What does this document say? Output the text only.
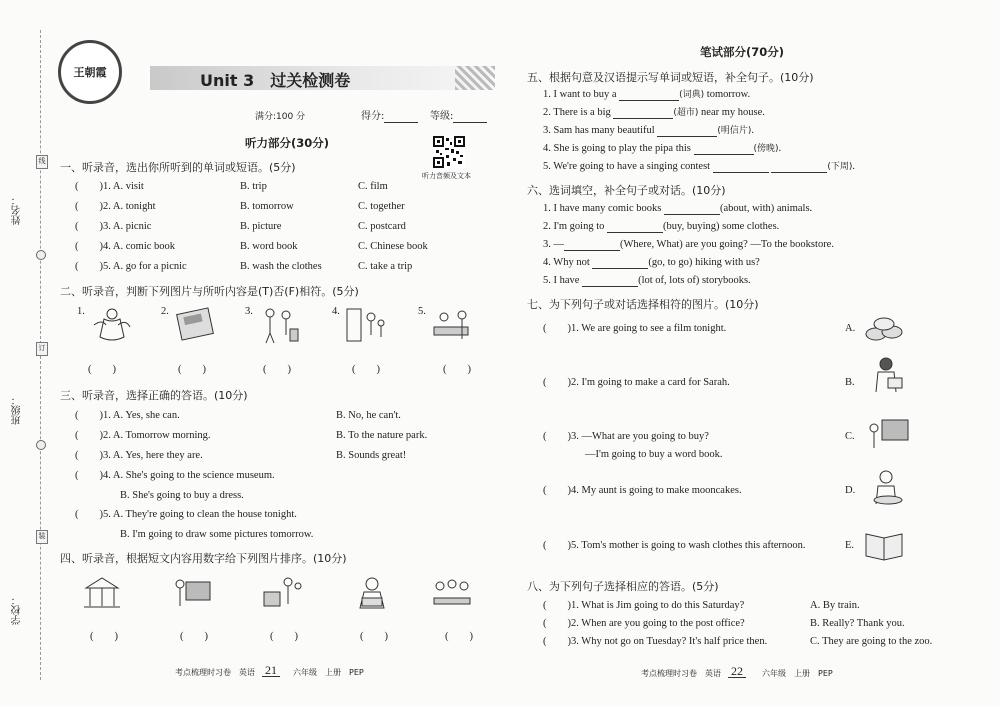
姓名：
班级：
学校：
线
订
装
王朝霞	Unit 3　过关检测卷
满分:100 分	得分:	等级:
听力部分(30分)
听力音频及文本
一、听录音，选出你所听到的单词或短语。(5分)
(　　)1. A. visit	B. trip	C. film
(　　)2. A. tonight	B. tomorrow	C. together
(　　)3. A. picnic	B. picture	C. postcard
(　　)4. A. comic book	B. word book	C. Chinese book
(　　)5. A. go for a picnic	B. wash the clothes	C. take a trip
二、听录音，判断下列图片与所听内容是(T)否(F)相符。(5分)
1.	2.	3.	4.	5.
(　　)	(　　)	(　　)	(　　)	(　　)
三、听录音，选择正确的答语。(10分)
(　　)1. A. Yes, she can.	B. No, he can't.
(　　)2. A. Tomorrow morning.	B. To the nature park.
(　　)3. A. Yes, here they are.	B. Sounds great!
(　　)4. A. She's going to the science museum.
B. She's going to buy a dress.
(　　)5. A. They're going to clean the house tonight.
B. I'm going to draw some pictures tomorrow.
四、听录音，根据短文内容用数字给下列图片排序。(10分)
(　　)	(　　)	(　　)	(　　)	(　　)
考点梳理时习卷　英语 21	六年级　上册　PEP
笔试部分(70分)
五、根据句意及汉语提示写单词或短语，补全句子。(10分)
1. I want to buy a	(词典) tomorrow.
2. There is a big	(超市) near my house.
3. Sam has many beautiful	(明信片).
4. She is going to play the pipa this	(傍晚).
5. We're going to have a singing contest	(下周).
六、选词填空，补全句子或对话。(10分)
1. I have many comic books	(about, with) animals.
2. I'm going to	(buy, buying) some clothes.
3. —	(Where, What) are you going? —To the bookstore.
4. Why not	(go, to go) hiking with us?
5. I have	(lot of, lots of) storybooks.
七、为下列句子或对话选择相符的图片。(10分)
(　　)1. We are going to see a film tonight.	A.
(　　)2. I'm going to make a card for Sarah.	B.
(　　)3. —What are you going to buy?
—I'm going to buy a word book.
C.
(　　)4. My aunt is going to make mooncakes.	D.
(　　)5. Tom's mother is going to wash clothes this afternoon.	E.
八、为下列句子选择相应的答语。(5分)
(　　)1. What is Jim going to do this Saturday?	A. By train.
(　　)2. When are you going to the post office?	B. Really? Thank you.
(　　)3. Why not go on Tuesday? It's half price then.	C. They are going to the zoo.
考点梳理时习卷　英语 22	六年级　上册　PEP
